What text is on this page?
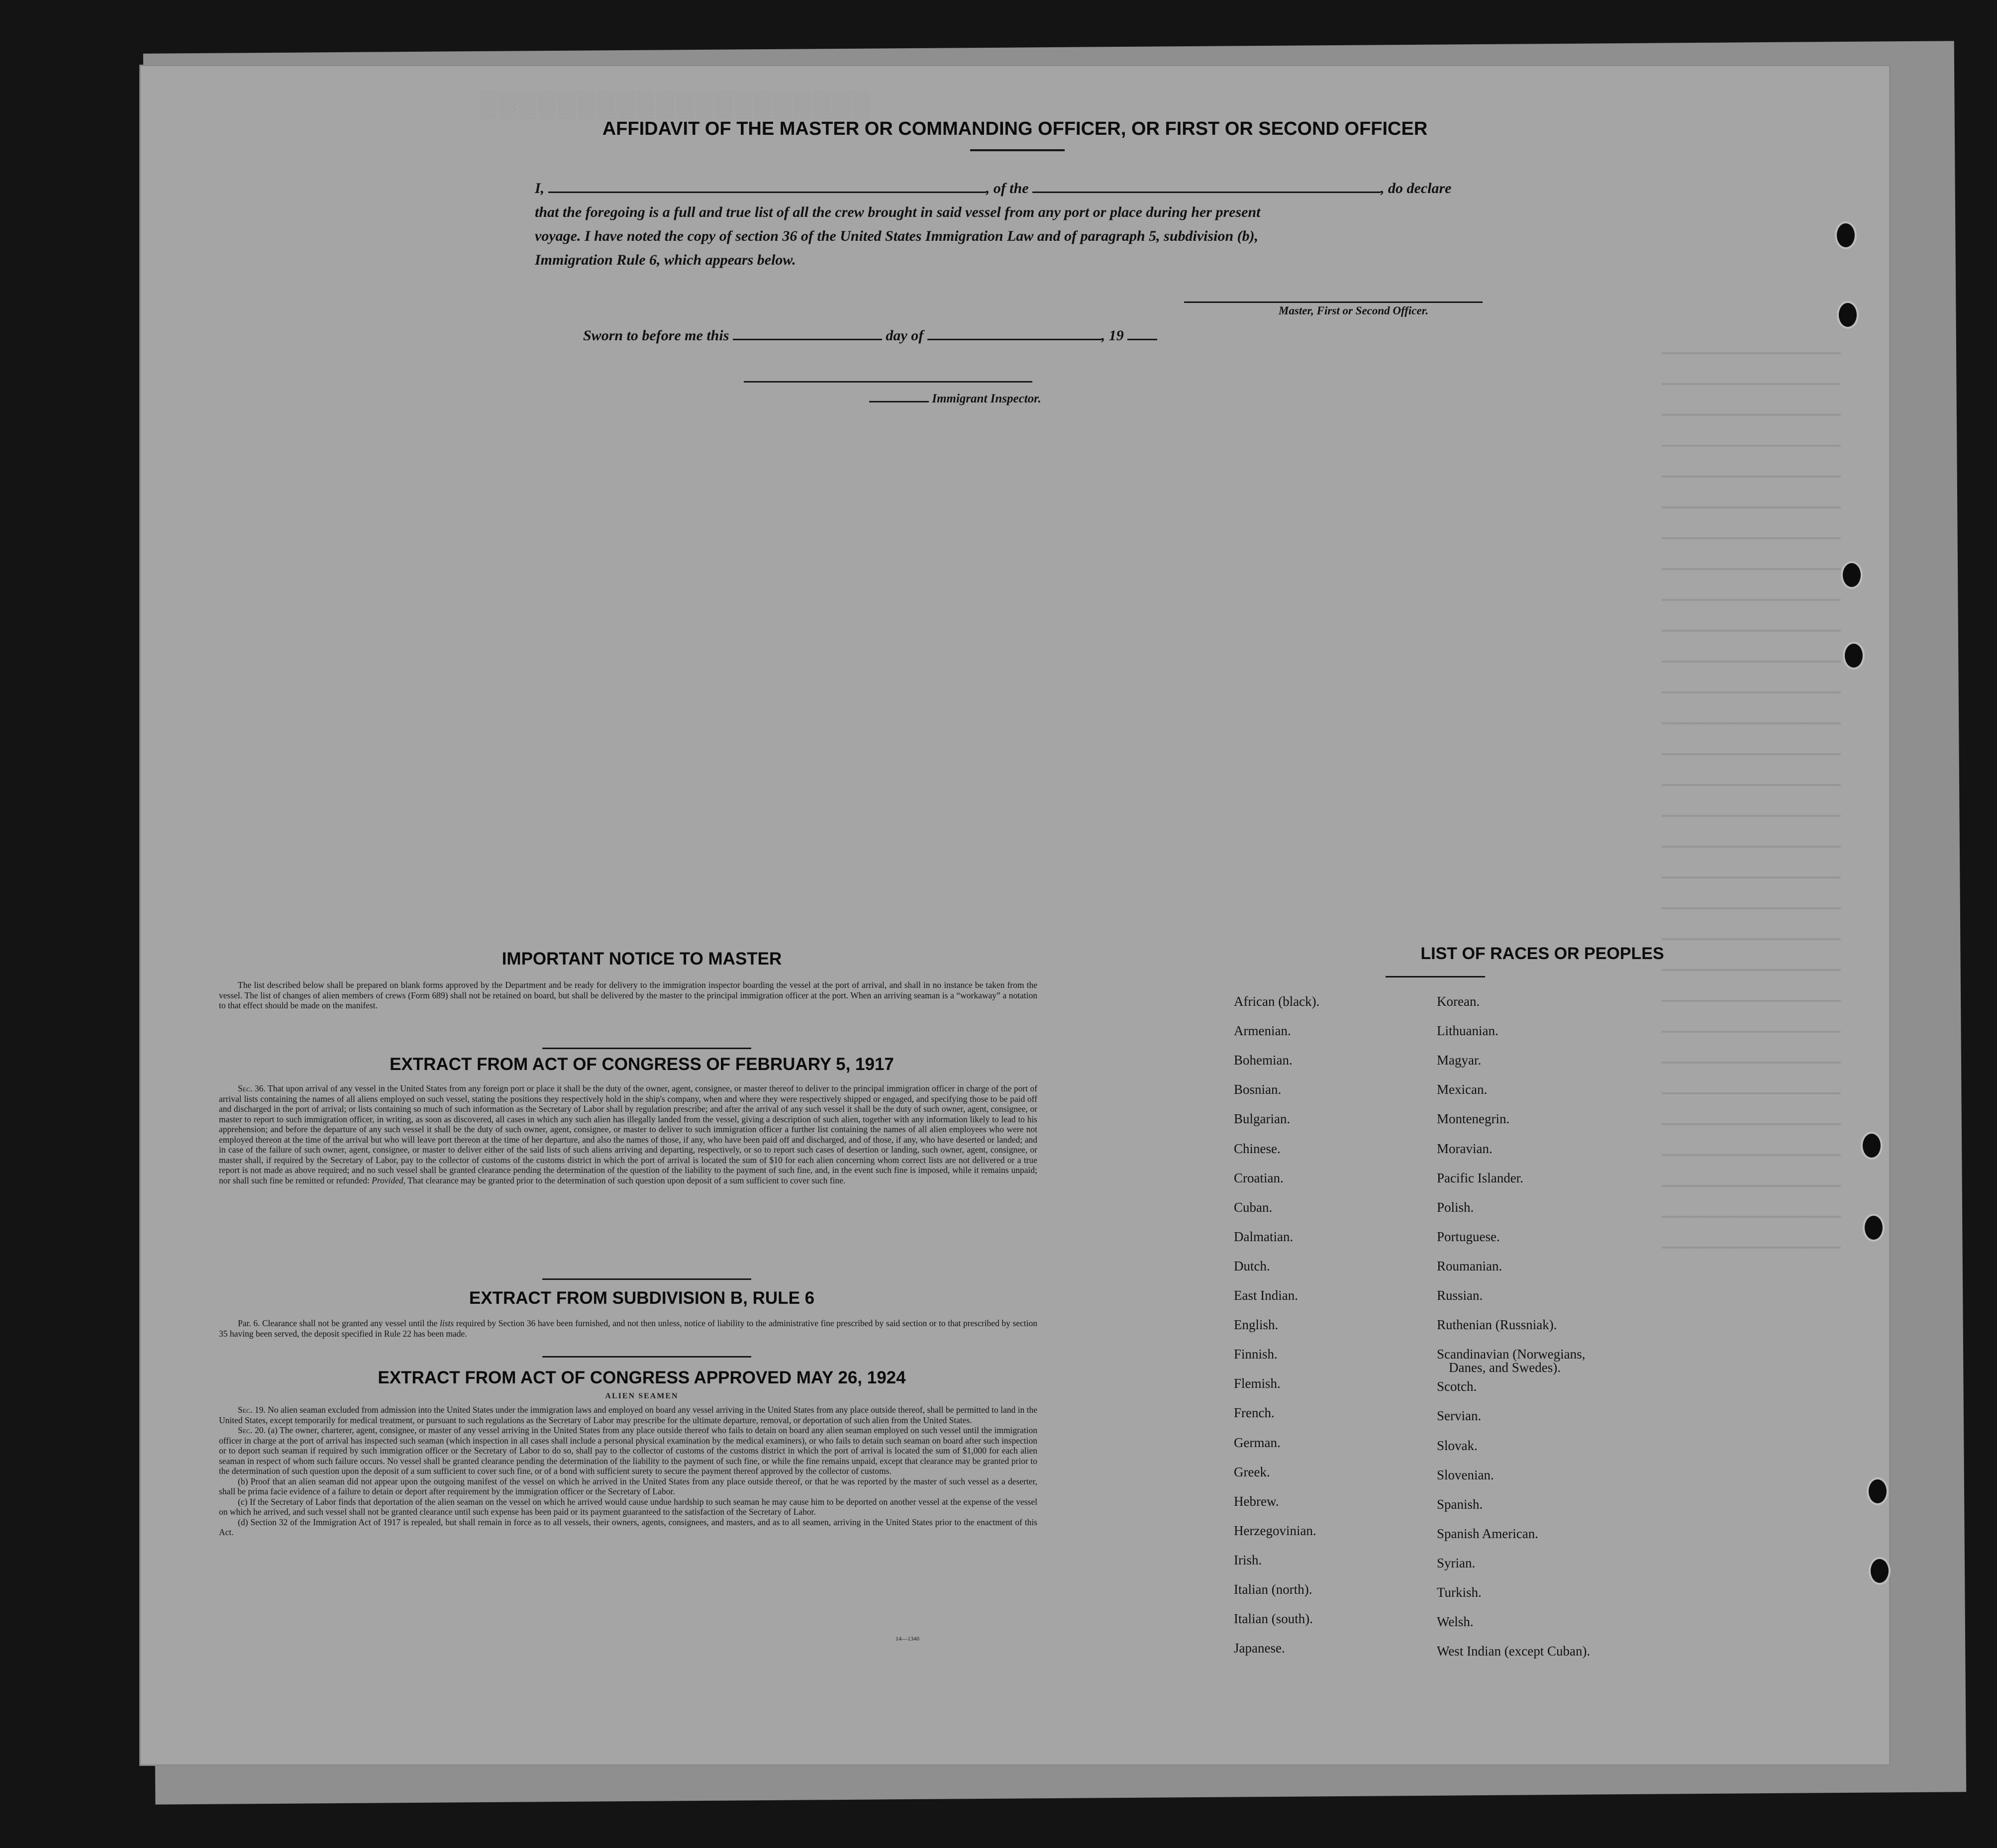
▒▒▒▒▒▒▒▒▒▒▒▒▒▒▒▒▒▒▒▒
AFFIDAVIT OF THE MASTER OR COMMANDING OFFICER, OR FIRST OR SECOND OFFICER
I,	, of the	, do declare
that the foregoing is a full and true list of all the crew brought in said vessel from any port or place during her present
voyage. I have noted the copy of section 36 of the United States Immigration Law and of paragraph 5, subdivision (b),
Immigration Rule 6, which appears below.
Master, First or Second Officer.
Sworn to before me this	day of	, 19
Immigrant Inspector.
IMPORTANT NOTICE TO MASTER

The list described below shall be prepared on blank forms approved by the Department and be ready for delivery to the immigration inspector boarding the vessel at the port of arrival, and shall in no instance be taken from the vessel. The list of changes of alien members of crews (Form 689) shall not be retained on board, but shall be delivered by the master to the principal immigration officer at the port. When an arriving seaman is a “workaway” a notation to that effect should be made on the manifest.

EXTRACT FROM ACT OF CONGRESS OF FEBRUARY 5, 1917

Sec. 36. That upon arrival of any vessel in the United States from any foreign port or place it shall be the duty of the owner, agent, consignee, or master thereof to deliver to the principal immigration officer in charge of the port of arrival lists containing the names of all aliens employed on such vessel, stating the positions they respectively hold in the ship's company, when and where they were respectively shipped or engaged, and specifying those to be paid off and discharged in the port of arrival; or lists containing so much of such information as the Secretary of Labor shall by regulation prescribe; and after the arrival of any such vessel it shall be the duty of such owner, agent, consignee, or master to report to such immigration officer, in writing, as soon as discovered, all cases in which any such alien has illegally landed from the vessel, giving a description of such alien, together with any information likely to lead to his apprehension; and before the departure of any such vessel it shall be the duty of such owner, agent, consignee, or master to deliver to such immigration officer a further list containing the names of all alien employees who were not employed thereon at the time of the arrival but who will leave port thereon at the time of her departure, and also the names of those, if any, who have been paid off and discharged, and of those, if any, who have deserted or landed; and in case of the failure of such owner, agent, consignee, or master to deliver either of the said lists of such aliens arriving and departing, respectively, or so to report such cases of desertion or landing, such owner, agent, consignee, or master shall, if required by the Secretary of Labor, pay to the collector of customs of the customs district in which the port of arrival is located the sum of $10 for each alien concerning whom correct lists are not delivered or a true report is not made as above required; and no such vessel shall be granted clearance pending the determination of the question of the liability to the payment of such fine, and, in the event such fine is imposed, while it remains unpaid; nor shall such fine be remitted or refunded: Provided, That clearance may be granted prior to the determination of such question upon deposit of a sum sufficient to cover such fine.

EXTRACT FROM SUBDIVISION B, RULE 6

Par. 6. Clearance shall not be granted any vessel until the lists required by Section 36 have been furnished, and not then unless, notice of liability to the administrative fine prescribed by said section or to that prescribed by section 35 having been served, the deposit specified in Rule 22 has been made.

EXTRACT FROM ACT OF CONGRESS APPROVED MAY 26, 1924
ALIEN SEAMEN

Sec. 19. No alien seaman excluded from admission into the United States under the immigration laws and employed on board any vessel arriving in the United States from any place outside thereof, shall be permitted to land in the United States, except temporarily for medical treatment, or pursuant to such regulations as the Secretary of Labor may prescribe for the ultimate departure, removal, or deportation of such alien from the United States.

Sec. 20. (a) The owner, charterer, agent, consignee, or master of any vessel arriving in the United States from any place outside thereof who fails to detain on board any alien seaman employed on such vessel until the immigration officer in charge at the port of arrival has inspected such seaman (which inspection in all cases shall include a personal physical examination by the medical examiners), or who fails to detain such seaman on board after such inspection or to deport such seaman if required by such immigration officer or the Secretary of Labor to do so, shall pay to the collector of customs of the customs district in which the port of arrival is located the sum of $1,000 for each alien seaman in respect of whom such failure occurs. No vessel shall be granted clearance pending the determination of the liability to the payment of such fine, or while the fine remains unpaid, except that clearance may be granted prior to the determination of such question upon the deposit of a sum sufficient to cover such fine, or of a bond with sufficient surety to secure the payment thereof approved by the collector of customs.

(b) Proof that an alien seaman did not appear upon the outgoing manifest of the vessel on which he arrived in the United States from any place outside thereof, or that he was reported by the master of such vessel as a deserter, shall be prima facie evidence of a failure to detain or deport after requirement by the immigration officer or the Secretary of Labor.

(c) If the Secretary of Labor finds that deportation of the alien seaman on the vessel on which he arrived would cause undue hardship to such seaman he may cause him to be deported on another vessel at the expense of the vessel on which he arrived, and such vessel shall not be granted clearance until such expense has been paid or its payment guaranteed to the satisfaction of the Secretary of Labor.

(d) Section 32 of the Immigration Act of 1917 is repealed, but shall remain in force as to all vessels, their owners, agents, consignees, and masters, and as to all seamen, arriving in the United States prior to the enactment of this Act.

14—1340
LIST OF RACES OR PEOPLES
African (black).
Armenian.
Bohemian.
Bosnian.
Bulgarian.
Chinese.
Croatian.
Cuban.
Dalmatian.
Dutch.
East Indian.
English.
Finnish.
Flemish.
French.
German.
Greek.
Hebrew.
Herzegovinian.
Irish.
Italian (north).
Italian (south).
Japanese.
Korean.
Lithuanian.
Magyar.
Mexican.
Montenegrin.
Moravian.
Pacific Islander.
Polish.
Portuguese.
Roumanian.
Russian.
Ruthenian (Russniak).
Scandinavian (Norwegians,
Danes, and Swedes).
Scotch.
Servian.
Slovak.
Slovenian.
Spanish.
Spanish American.
Syrian.
Turkish.
Welsh.
West Indian (except Cuban).
